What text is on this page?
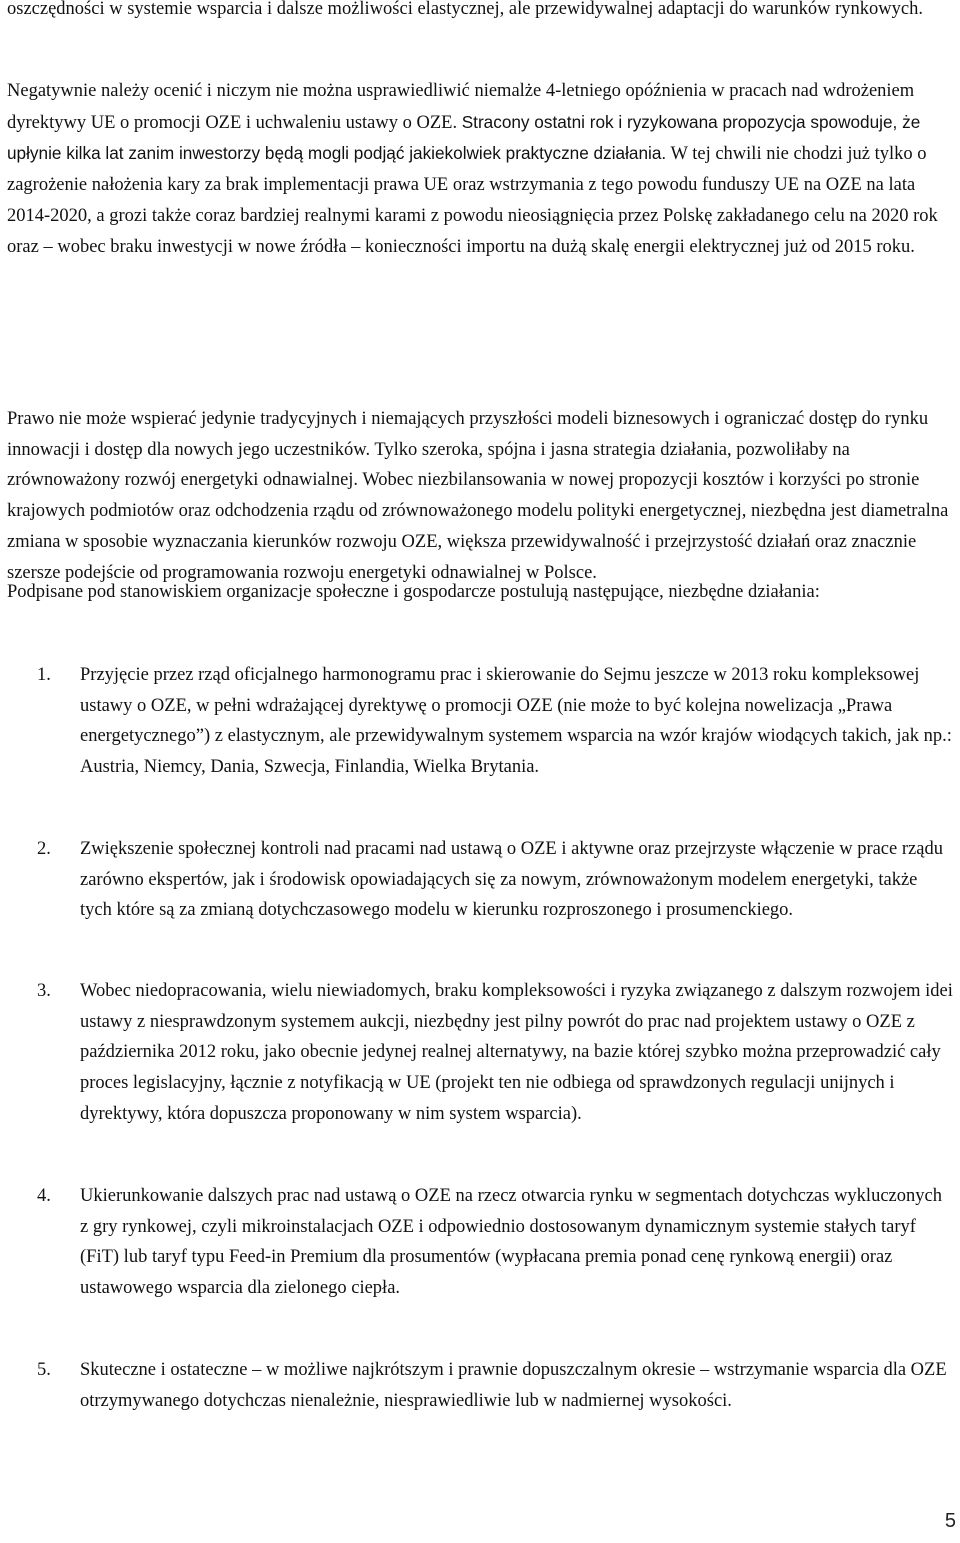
oszczędności w systemie wsparcia i dalsze możliwości elastycznej, ale przewidywalnej adaptacji do warunków rynkowych.

Negatywnie należy ocenić i niczym nie można usprawiedliwić niemalże 4-letniego opóźnienia w pracach nad wdrożeniem dyrektywy UE o promocji OZE i uchwaleniu ustawy o OZE. Stracony ostatni rok i ryzykowana propozycja spowoduje, że upłynie kilka lat zanim inwestorzy będą mogli podjąć jakiekolwiek praktyczne działania. W tej chwili nie chodzi już tylko o zagrożenie nałożenia kary za brak implementacji prawa UE oraz wstrzymania z tego powodu funduszy UE na OZE na lata 2014-2020, a grozi także coraz bardziej realnymi karami z powodu nieosiągnięcia przez Polskę zakładanego celu na 2020 rok oraz – wobec braku inwestycji w nowe źródła – konieczności importu na dużą skalę energii elektrycznej już od 2015 roku.

Prawo nie może wspierać jedynie tradycyjnych i niemających przyszłości modeli biznesowych i ograniczać dostęp do rynku innowacji i dostęp dla nowych jego uczestników. Tylko szeroka, spójna i jasna strategia działania, pozwoliłaby na zrównoważony rozwój energetyki odnawialnej. Wobec niezbilansowania w nowej propozycji kosztów i korzyści po stronie krajowych podmiotów oraz odchodzenia rządu od zrównoważonego modelu polityki energetycznej, niezbędna jest diametralna zmiana w sposobie wyznaczania kierunków rozwoju OZE, większa przewidywalność i przejrzystość działań oraz znacznie szersze podejście od programowania rozwoju energetyki odnawialnej w Polsce.

Podpisane pod stanowiskiem organizacje społeczne i gospodarcze postulują następujące, niezbędne działania:

1. Przyjęcie przez rząd oficjalnego harmonogramu prac i skierowanie do Sejmu jeszcze w 2013 roku kompleksowej ustawy o OZE, w pełni wdrażającej dyrektywę o promocji OZE (nie może to być kolejna nowelizacja „Prawa energetycznego”) z elastycznym, ale przewidywalnym systemem wsparcia na wzór krajów wiodących takich, jak np.: Austria, Niemcy, Dania, Szwecja, Finlandia, Wielka Brytania.
2. Zwiększenie społecznej kontroli nad pracami nad ustawą o OZE i aktywne oraz przejrzyste włączenie w prace rządu zarówno ekspertów, jak i środowisk opowiadających się za nowym, zrównoważonym modelem energetyki, także tych które są za zmianą dotychczasowego modelu w kierunku rozproszonego i prosumenckiego.
3. Wobec niedopracowania, wielu niewiadomych, braku kompleksowości i ryzyka związanego z dalszym rozwojem idei ustawy z niesprawdzonym systemem aukcji, niezbędny jest pilny powrót do prac nad projektem ustawy o OZE z października 2012 roku, jako obecnie jedynej realnej alternatywy, na bazie której szybko można przeprowadzić cały proces legislacyjny, łącznie z notyfikacją w UE (projekt ten nie odbiega od sprawdzonych regulacji unijnych i dyrektywy, która dopuszcza proponowany w nim system wsparcia).
4. Ukierunkowanie dalszych prac nad ustawą o OZE na rzecz otwarcia rynku w segmentach dotychczas wykluczonych z gry rynkowej, czyli mikroinstalacjach OZE i odpowiednio dostosowanym dynamicznym systemie stałych taryf (FiT) lub taryf typu Feed-in Premium dla prosumentów (wypłacana premia ponad cenę rynkową energii) oraz ustawowego wsparcia dla zielonego ciepła.
5. Skuteczne i ostateczne – w możliwe najkrótszym i prawnie dopuszczalnym okresie – wstrzymanie wsparcia dla OZE otrzymywanego dotychczas nienależnie, niesprawiedliwie lub w nadmiernej wysokości.
5
